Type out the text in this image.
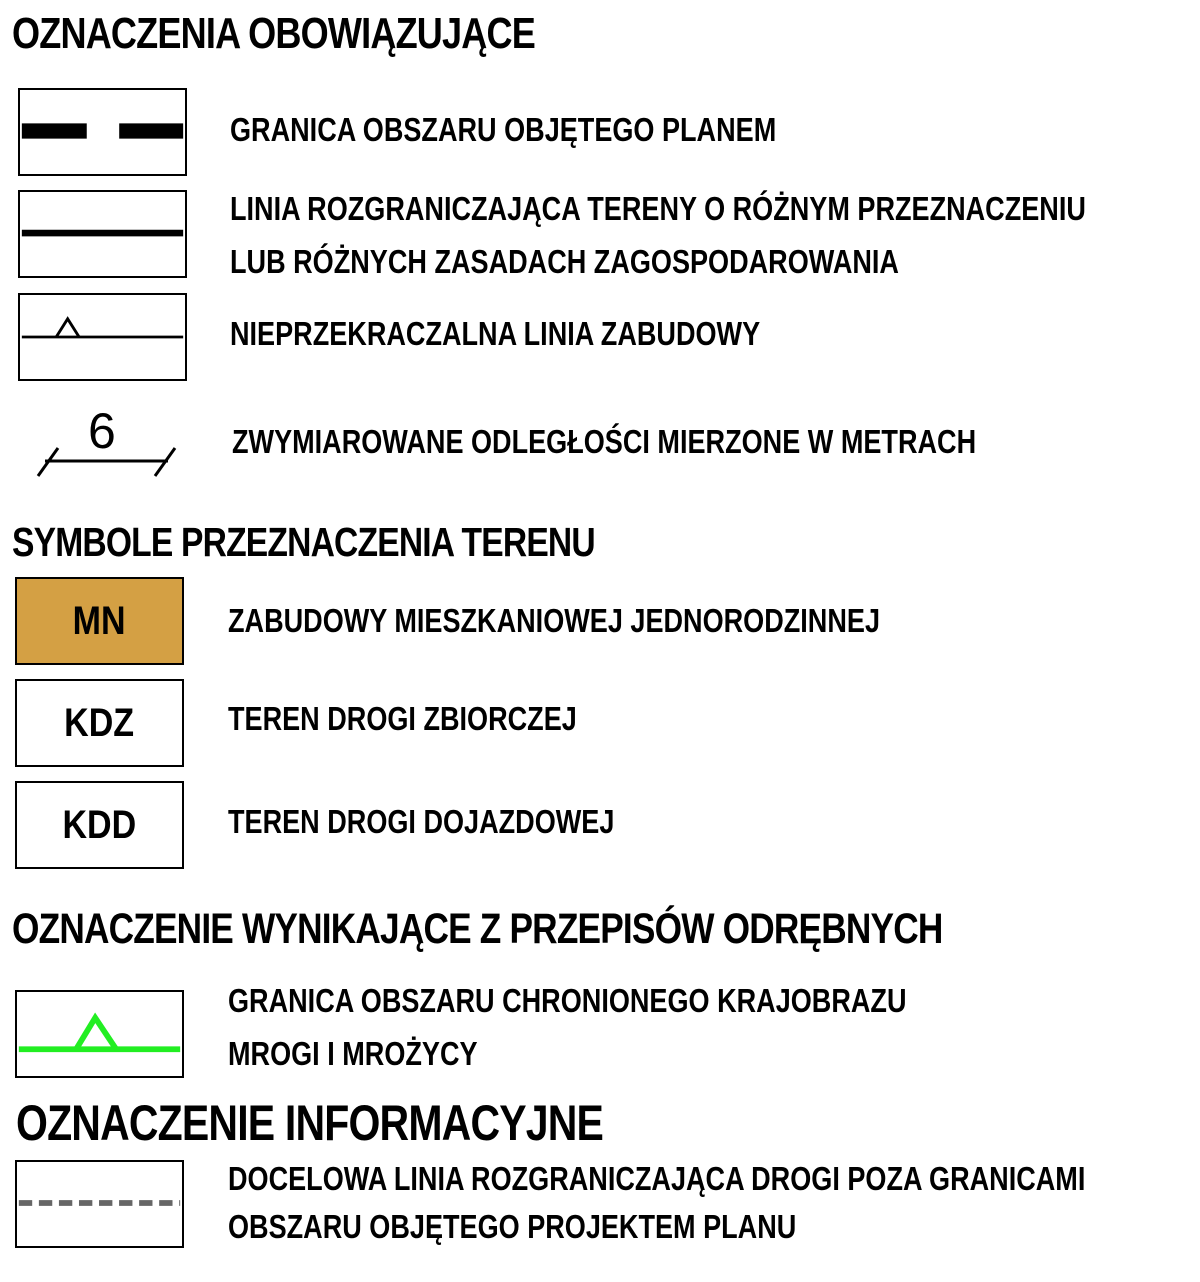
OZNACZENIA OBOWIĄZUJĄCE
GRANICA OBSZARU OBJĘTEGO PLANEM
LINIA ROZGRANICZAJĄCA TERENY O RÓŻNYM PRZEZNACZENIU
LUB RÓŻNYCH ZASADACH ZAGOSPODAROWANIA
NIEPRZEKRACZALNA LINIA ZABUDOWY
6	ZWYMIAROWANE ODLEGŁOŚCI MIERZONE W METRACH
SYMBOLE PRZEZNACZENIA TERENU
MN	ZABUDOWY MIESZKANIOWEJ JEDNORODZINNEJ
KDZ	TEREN DROGI ZBIORCZEJ
KDD	TEREN DROGI DOJAZDOWEJ
OZNACZENIE WYNIKAJĄCE Z PRZEPISÓW ODRĘBNYCH
GRANICA OBSZARU CHRONIONEGO KRAJOBRAZU
MROGI I MROŻYCY
OZNACZENIE INFORMACYJNE
DOCELOWA LINIA ROZGRANICZAJĄCA DROGI POZA GRANICAMI
OBSZARU OBJĘTEGO PROJEKTEM PLANU
